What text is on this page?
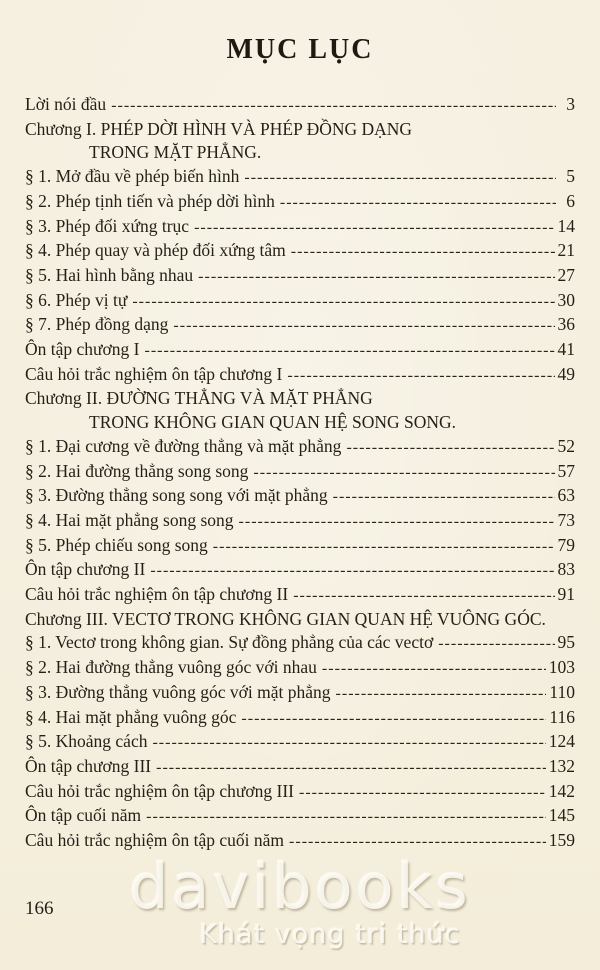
MỤC LỤC
Lời nói đầu -----	3
Chương I. PHÉP DỜI HÌNH VÀ PHÉP ĐỒNG DẠNG
TRONG MẶT PHẲNG.
§ 1. Mở đầu về phép biến hình -----	5
§ 2. Phép tịnh tiến và phép dời hình -----	6
§ 3. Phép đối xứng trục -----	14
§ 4. Phép quay và phép đối xứng tâm -----	21
§ 5. Hai hình bằng nhau -----	27
§ 6. Phép vị tự -----	30
§ 7. Phép đồng dạng -----	36
Ôn tập chương I -----	41
Câu hỏi trắc nghiệm ôn tập chương I -----	49
Chương II. ĐƯỜNG THẲNG VÀ MẶT PHẲNG
TRONG KHÔNG GIAN QUAN HỆ SONG SONG.
§ 1. Đại cương về đường thẳng và mặt phẳng -----	52
§ 2. Hai đường thẳng song song -----	57
§ 3. Đường thẳng song song với mặt phẳng -----	63
§ 4. Hai mặt phẳng song song -----	73
§ 5. Phép chiếu song song -----	79
Ôn tập chương II -----	83
Câu hỏi trắc nghiệm ôn tập chương II -----	91
Chương III. VECTƠ TRONG KHÔNG GIAN QUAN HỆ VUÔNG GÓC.
§ 1. Vectơ trong không gian. Sự đồng phẳng của các vectơ -----	95
§ 2. Hai đường thẳng vuông góc với nhau -----	103
§ 3. Đường thẳng vuông góc với mặt phẳng -----	110
§ 4. Hai mặt phẳng vuông góc -----	116
§ 5. Khoảng cách -----	124
Ôn tập chương III -----	132
Câu hỏi trắc nghiệm ôn tập chương III -----	142
Ôn tập cuối năm -----	145
Câu hỏi trắc nghiệm ôn tập cuối năm -----	159
davibooks
Khát vọng tri thức
166
